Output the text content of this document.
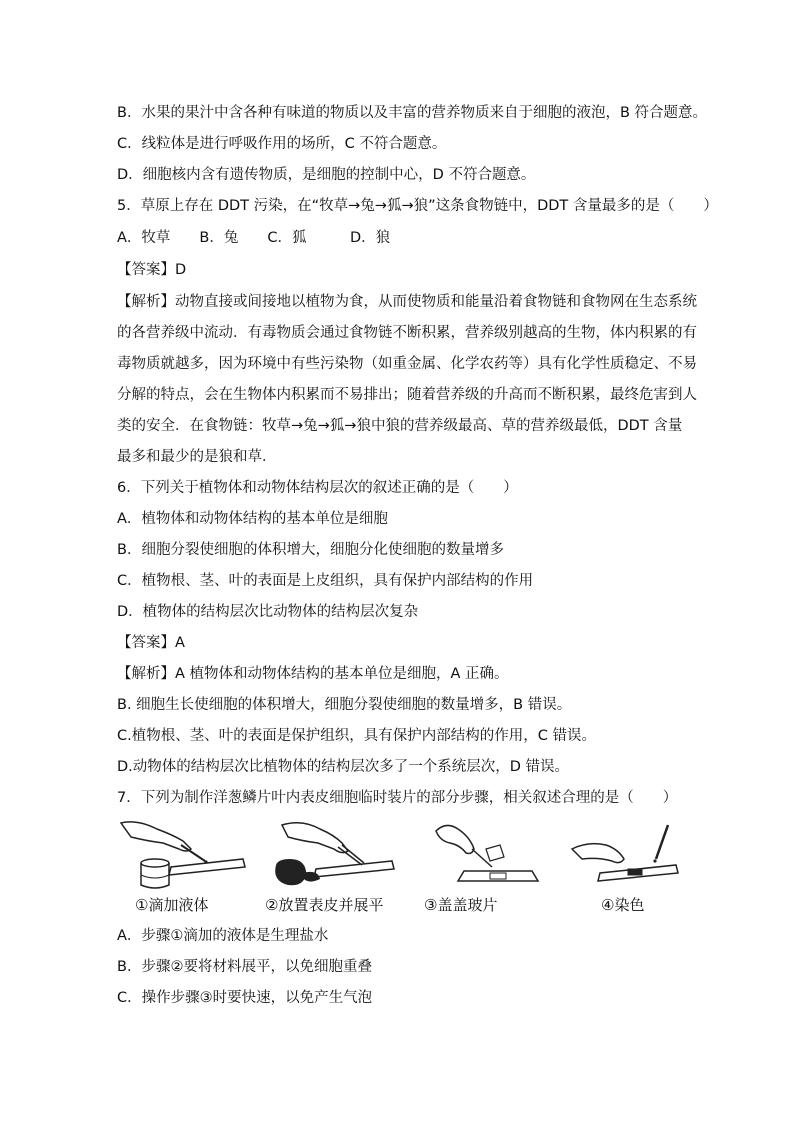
B．水果的果汁中含各种有味道的物质以及丰富的营养物质来自于细胞的液泡，B 符合题意。
C．线粒体是进行呼吸作用的场所，C 不符合题意。
D．细胞核内含有遗传物质，是细胞的控制中心，D 不符合题意。
5．草原上存在 DDT 污染，在“牧草→兔→狐→狼”这条食物链中，DDT 含量最多的是（　　）
A．牧草　　B．兔　　C．狐　　　D．狼
【答案】D
【解析】动物直接或间接地以植物为食，从而使物质和能量沿着食物链和食物网在生态系统
的各营养级中流动．有毒物质会通过食物链不断积累，营养级别越高的生物，体内积累的有
毒物质就越多，因为环境中有些污染物（如重金属、化学农药等）具有化学性质稳定、不易
分解的特点，会在生物体内积累而不易排出；随着营养级的升高而不断积累，最终危害到人
类的安全．在食物链：牧草→兔→狐→狼中狼的营养级最高、草的营养级最低，DDT 含量
最多和最少的是狼和草．
6．下列关于植物体和动物体结构层次的叙述正确的是（　　）
A．植物体和动物体结构的基本单位是细胞
B．细胞分裂使细胞的体积增大，细胞分化使细胞的数量增多
C．植物根、茎、叶的表面是上皮组织，具有保护内部结构的作用
D．植物体的结构层次比动物体的结构层次复杂
【答案】A
【解析】A 植物体和动物体结构的基本单位是细胞，A 正确。
B. 细胞生长使细胞的体积增大，细胞分裂使细胞的数量增多，B 错误。
C.植物根、茎、叶的表面是保护组织，具有保护内部结构的作用，C 错误。
D.动物体的结构层次比植物体的结构层次多了一个系统层次，D 错误。
7．下列为制作洋葱鳞片叶内表皮细胞临时装片的部分步骤，相关叙述合理的是（　　）
①滴加液体	②放置表皮并展平	③盖盖玻片	④染色
A．步骤①滴加的液体是生理盐水
B．步骤②要将材料展平，以免细胞重叠
C．操作步骤③时要快速，以免产生气泡
